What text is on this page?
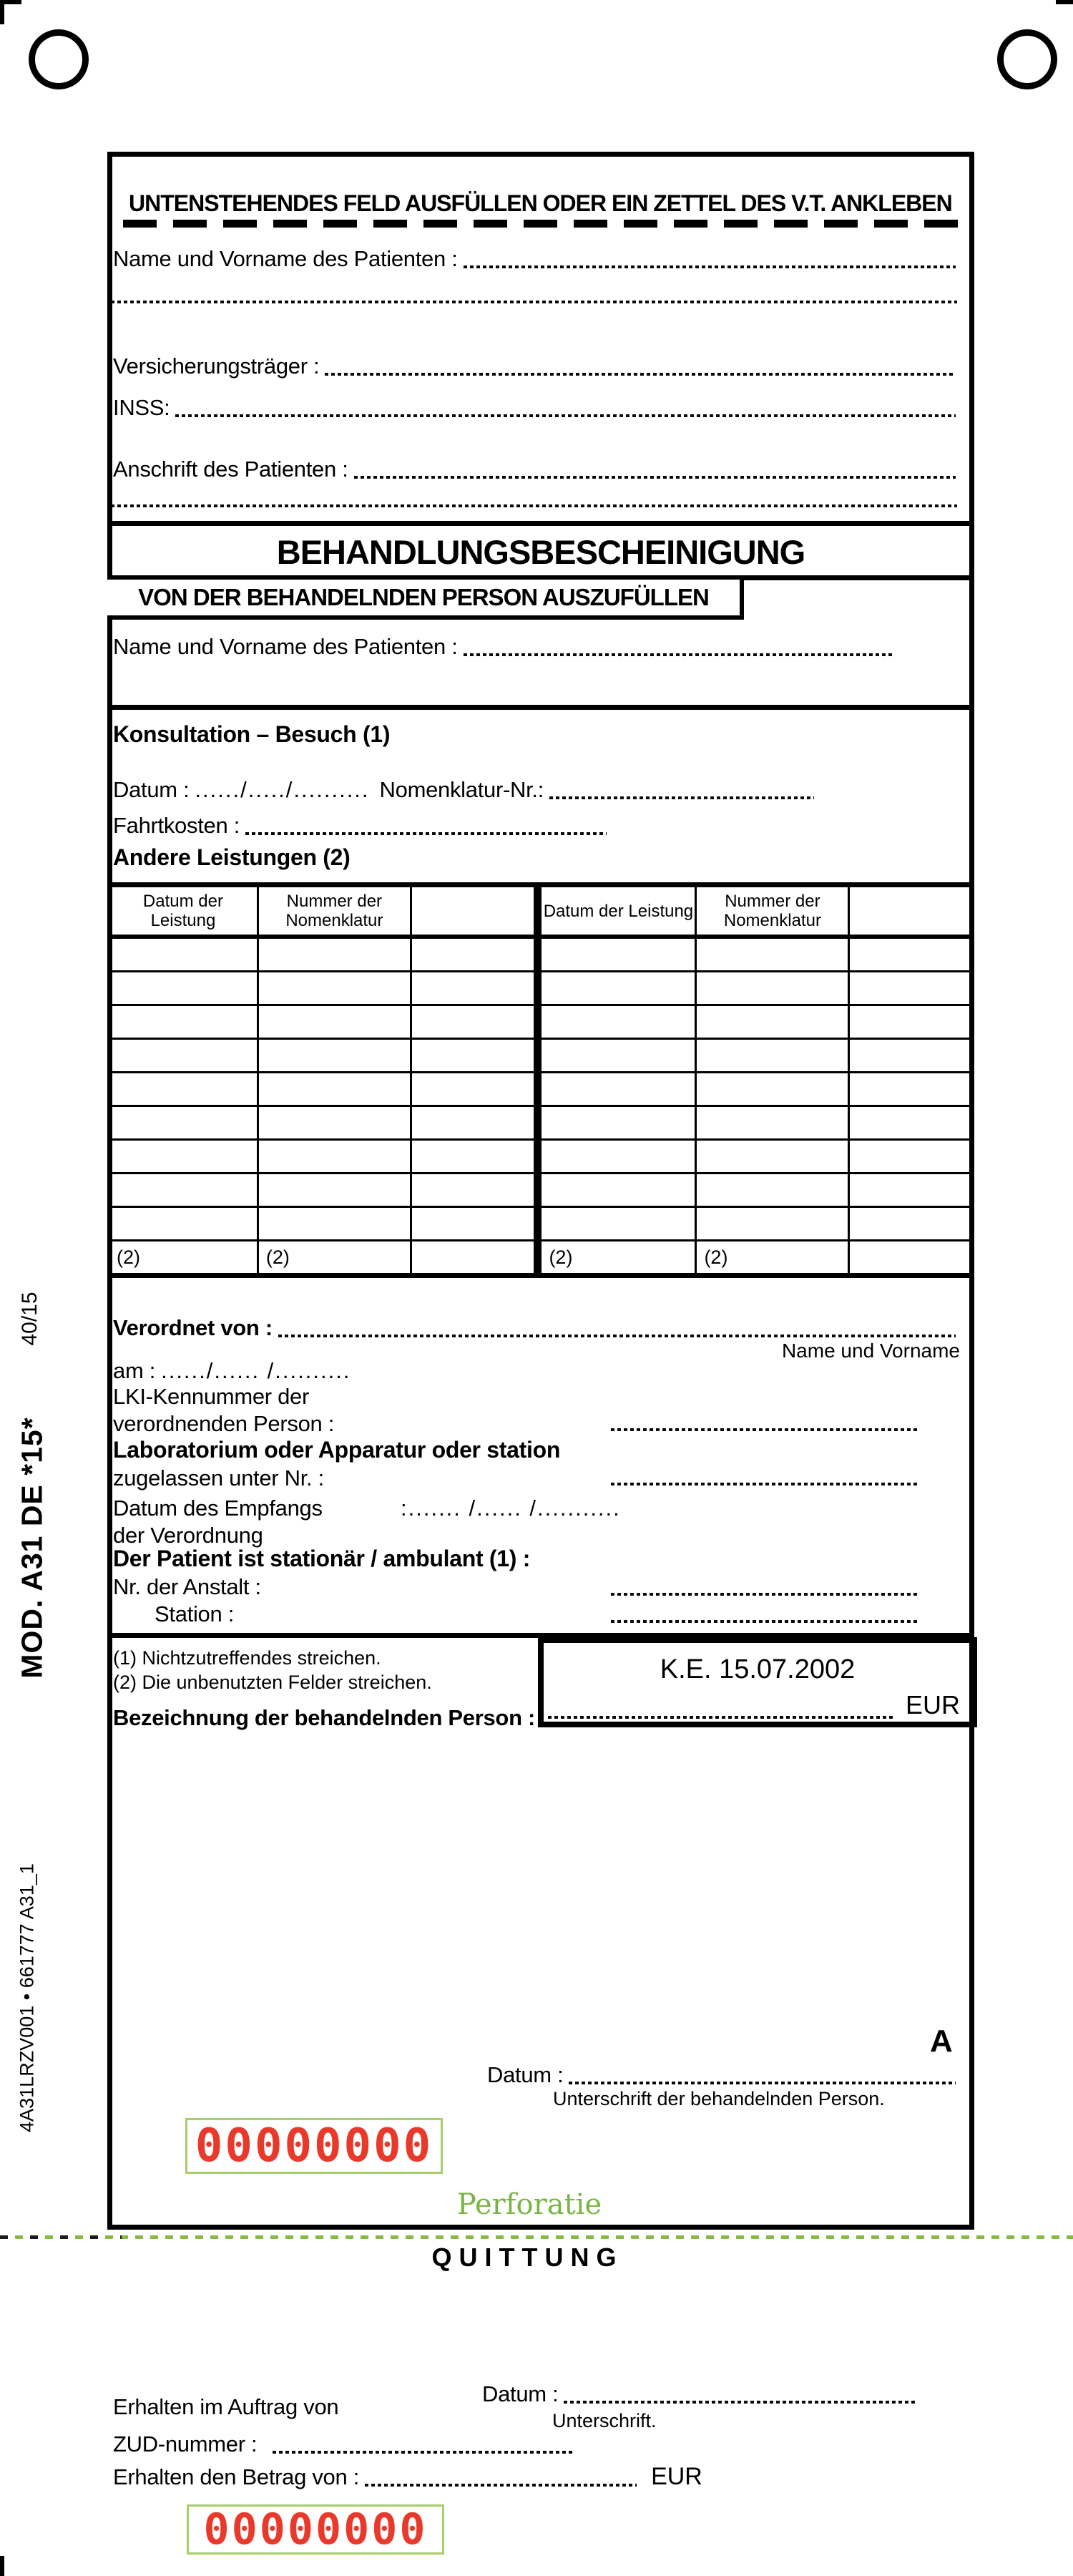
40/15
MOD. A31 DE *15*
4A31LRZV001 • 661777 A31_1
UNTENSTEHENDES FELD AUSFÜLLEN ODER EIN ZETTEL DES V.T. ANKLEBEN
Name und Vorname des Patienten :
Versicherungsträger :
INSS:
Anschrift des Patienten :
BEHANDLUNGSBESCHEINIGUNG
VON DER BEHANDELNDEN PERSON AUSZUFÜLLEN
Name und Vorname des Patienten :
Konsultation – Besuch (1)
Datum : ....../...../.......... Nomenklatur-Nr.:
Fahrtkosten :
Andere Leistungen (2)
Datum der Leistung	Nummer der Nomenklatur		Datum der Leistung	Nummer der Nomenklatur	

(2)	(2)		(2)	(2)	
Verordnet von :
Name und Vorname
am : ....../...... /..........
LKI-Kennummer der
verordnenden Person :
Laboratorium oder Apparatur oder station
zugelassen unter Nr. :
Datum des Empfangs	:....... /...... /...........
der Verordnung
Der Patient ist stationär / ambulant (1) :
Nr. der Anstalt :
Station :
(1) Nichtzutreffendes streichen.
(2) Die unbenutzten Felder streichen.	K.E. 15.07.2002
EUR
Bezeichnung der behandelnden Person :
A
Datum :
Unterschrift der behandelnden Person.
00000000
Perforatie
QUITTUNG
Erhalten im Auftrag von
Datum :
Unterschrift.
ZUD-nummer :
Erhalten den Betrag von :	EUR
00000000
